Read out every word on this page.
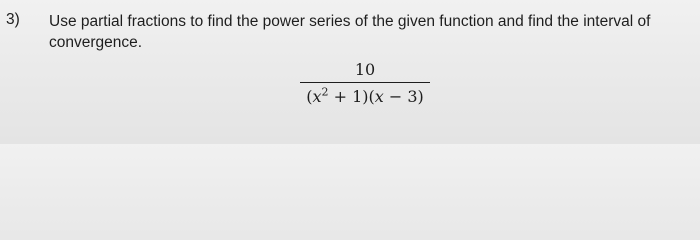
3) Use partial fractions to find the power series of the given function and find the interval of convergence.
10
$(x^2 + 1)(x - 3)$
